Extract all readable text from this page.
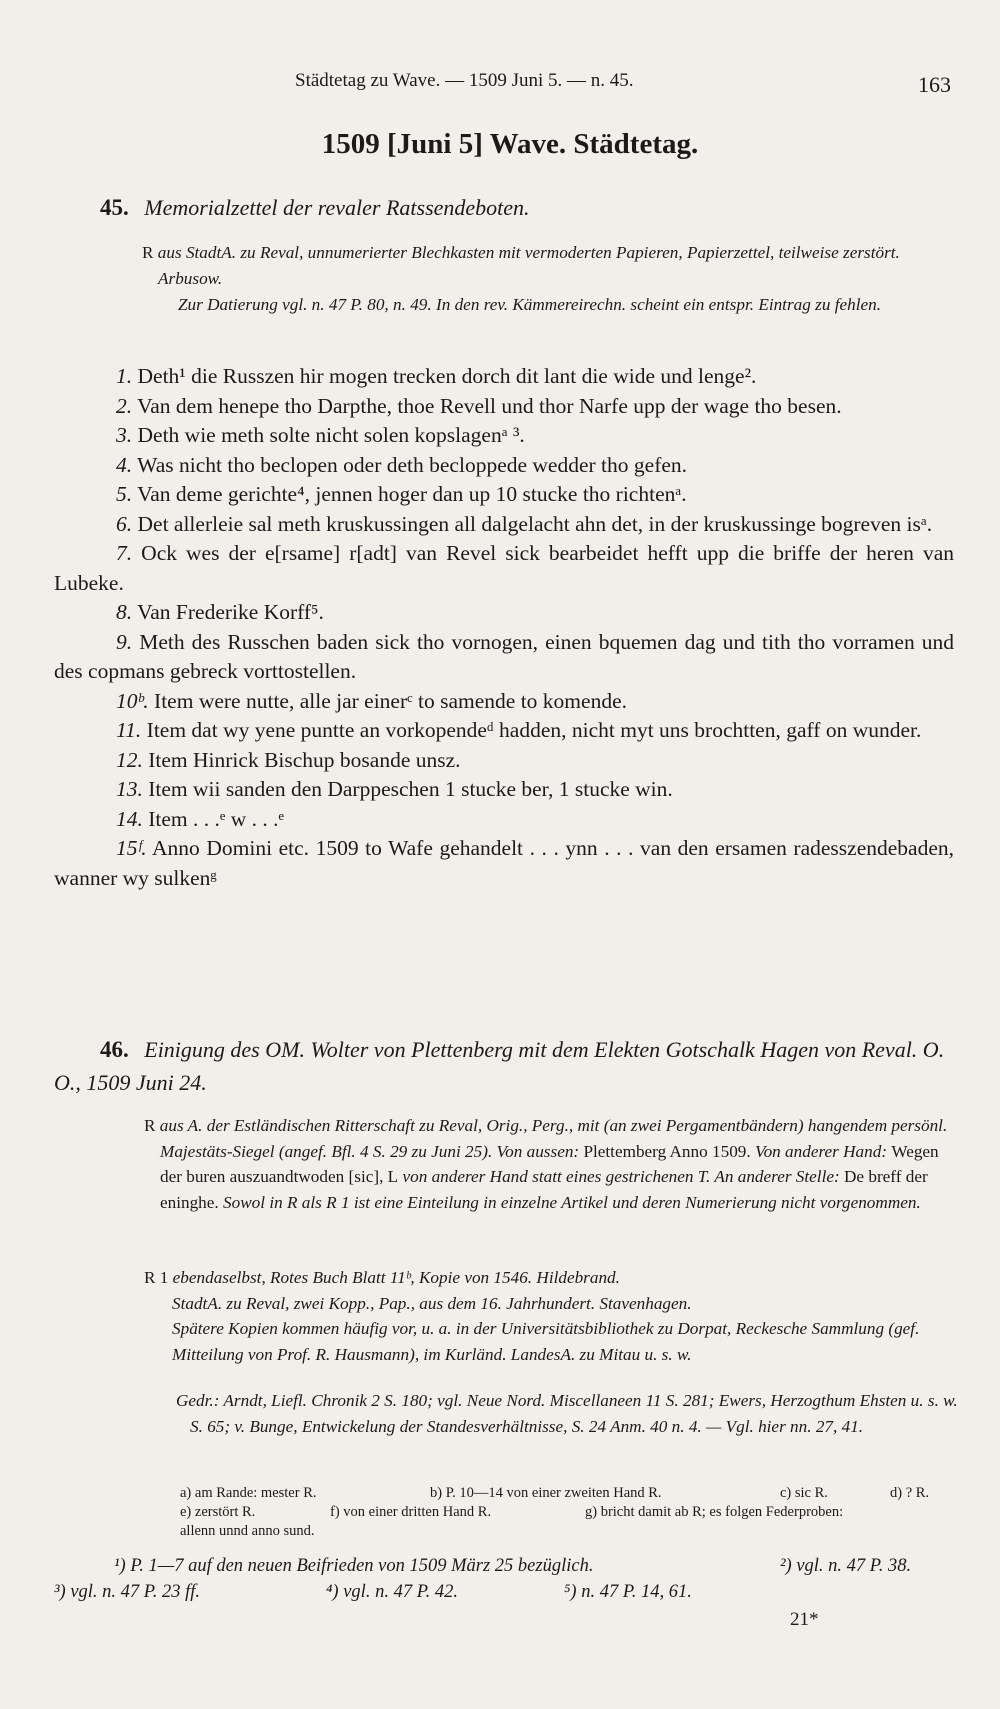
Städtetag zu Wave. — 1509 Juni 5. — n. 45.	163
1509 [Juni 5] Wave. Städtetag.
45. Memorialzettel der revaler Ratssendeboten.
R aus StadtA. zu Reval, unnumerierter Blechkasten mit vermoderten Papieren, Papierzettel, teilweise zerstört. Arbusow.
Zur Datierung vgl. n. 47 P. 80, n. 49. In den rev. Kämmereirechn. scheint ein entspr. Eintrag zu fehlen.

1. Deth¹ die Russzen hir mogen trecken dorch dit lant die wide und lenge².

2. Van dem henepe tho Darpthe, thoe Revell und thor Narfe upp der wage tho besen.

3. Deth wie meth solte nicht solen kopslagenᵃ ³.

4. Was nicht tho beclopen oder deth becloppede wedder tho gefen.

5. Van deme gerichte⁴, jennen hoger dan up 10 stucke tho richtenᵃ.

6. Det allerleie sal meth kruskussingen all dalgelacht ahn det, in der kruskussinge bogreven isᵃ.

7. Ock wes der e[rsame] r[adt] van Revel sick bearbeidet hefft upp die briffe der heren van Lubeke.

8. Van Frederike Korff⁵.

9. Meth des Russchen baden sick tho vornogen, einen bquemen dag und tith tho vorramen und des copmans gebreck vorttostellen.

10ᵇ. Item were nutte, alle jar einerᶜ to samende to komende.

11. Item dat wy yene puntte an vorkopendeᵈ hadden, nicht myt uns brochtten, gaff on wunder.

12. Item Hinrick Bischup bosande unsz.

13. Item wii sanden den Darppeschen 1 stucke ber, 1 stucke win.

14. Item . . .ᵉ w . . .ᵉ

15ᶠ. Anno Domini etc. 1509 to Wafe gehandelt . . . ynn . . . van den ersamen radesszendebaden, wanner wy sulkenᵍ

46. Einigung des OM. Wolter von Plettenberg mit dem Elekten Gotschalk Hagen von Reval. O. O., 1509 Juni 24.
R aus A. der Estländischen Ritterschaft zu Reval, Orig., Perg., mit (an zwei Pergamentbändern) hangendem persönl. Majestäts-Siegel (angef. Bfl. 4 S. 29 zu Juni 25). Von aussen: Plettemberg Anno 1509. Von anderer Hand: Wegen der buren auszuandtwoden [sic], L von anderer Hand statt eines gestrichenen T. An anderer Stelle: De breff der eninghe. Sowol in R als R 1 ist eine Einteilung in einzelne Artikel und deren Numerierung nicht vorgenommen.
R 1 ebendaselbst, Rotes Buch Blatt 11ᵇ, Kopie von 1546. Hildebrand.
StadtA. zu Reval, zwei Kopp., Pap., aus dem 16. Jahrhundert. Stavenhagen.
Spätere Kopien kommen häufig vor, u. a. in der Universitätsbibliothek zu Dorpat, Reckesche Sammlung (gef. Mitteilung von Prof. R. Hausmann), im Kurländ. LandesA. zu Mitau u. s. w.
Gedr.: Arndt, Liefl. Chronik 2 S. 180; vgl. Neue Nord. Miscellaneen 11 S. 281; Ewers, Herzogthum Ehsten u. s. w. S. 65; v. Bunge, Entwickelung der Standesverhältnisse, S. 24 Anm. 40 n. 4. — Vgl. hier nn. 27, 41.
a) am Rande: mester R.	b) P. 10—14 von einer zweiten Hand R.	c) sic R.	d) ? R.
e) zerstört R.	f) von einer dritten Hand R.	g) bricht damit ab R; es folgen Federproben:
allenn unnd anno sund.
¹) P. 1—7 auf den neuen Beifrieden von 1509 März 25 bezüglich.	²) vgl. n. 47 P. 38.
³) vgl. n. 47 P. 23 ff.	⁴) vgl. n. 47 P. 42.	⁵) n. 47 P. 14, 61.
21*
